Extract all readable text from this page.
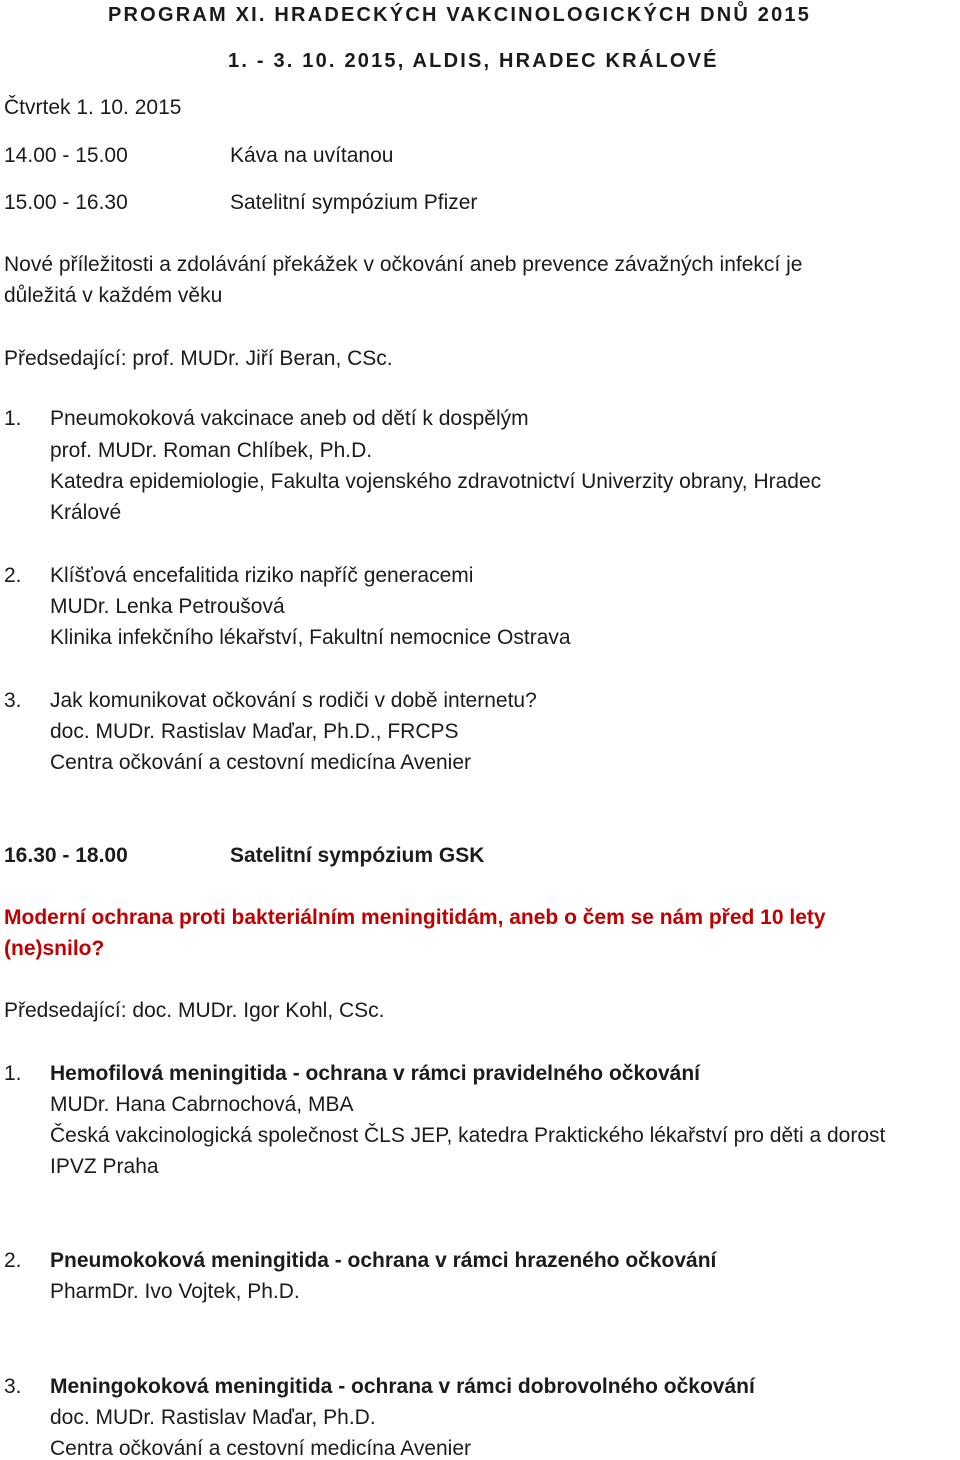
PROGRAM XI. HRADECKÝCH VAKCINOLOGICKÝCH DNŮ 2015
1. - 3. 10. 2015, ALDIS, HRADEC KRÁLOVÉ
Čtvrtek 1. 10. 2015
14.00 - 15.00	Káva na uvítanou
15.00 - 16.30	Satelitní sympózium Pfizer
Nové příležitosti a zdolávání překážek v očkování aneb prevence závažných infekcí je
důležitá v každém věku
Předsedající: prof. MUDr. Jiří Beran, CSc.
1. Pneumokoková vakcinace aneb od dětí k dospělým
prof. MUDr. Roman Chlíbek, Ph.D.
Katedra epidemiologie, Fakulta vojenského zdravotnictví Univerzity obrany, Hradec
Králové
2. Klíšťová encefalitida riziko napříč generacemi
MUDr. Lenka Petroušová
Klinika infekčního lékařství, Fakultní nemocnice Ostrava
3. Jak komunikovat očkování s rodiči v době internetu?
doc. MUDr. Rastislav Maďar, Ph.D., FRCPS
Centra očkování a cestovní medicína Avenier
16.30 - 18.00	Satelitní sympózium GSK
Moderní ochrana proti bakteriálním meningitidám, aneb o čem se nám před 10 lety
(ne)snilo?
Předsedající: doc. MUDr. Igor Kohl, CSc.
1. Hemofilová meningitida - ochrana v rámci pravidelného očkování
MUDr. Hana Cabrnochová, MBA
Česká vakcinologická společnost ČLS JEP, katedra Praktického lékařství pro děti a dorost
IPVZ Praha
2. Pneumokoková meningitida - ochrana v rámci hrazeného očkování
PharmDr. Ivo Vojtek, Ph.D.
3. Meningokoková meningitida - ochrana v rámci dobrovolného očkování
doc. MUDr. Rastislav Maďar, Ph.D.
Centra očkování a cestovní medicína Avenier
